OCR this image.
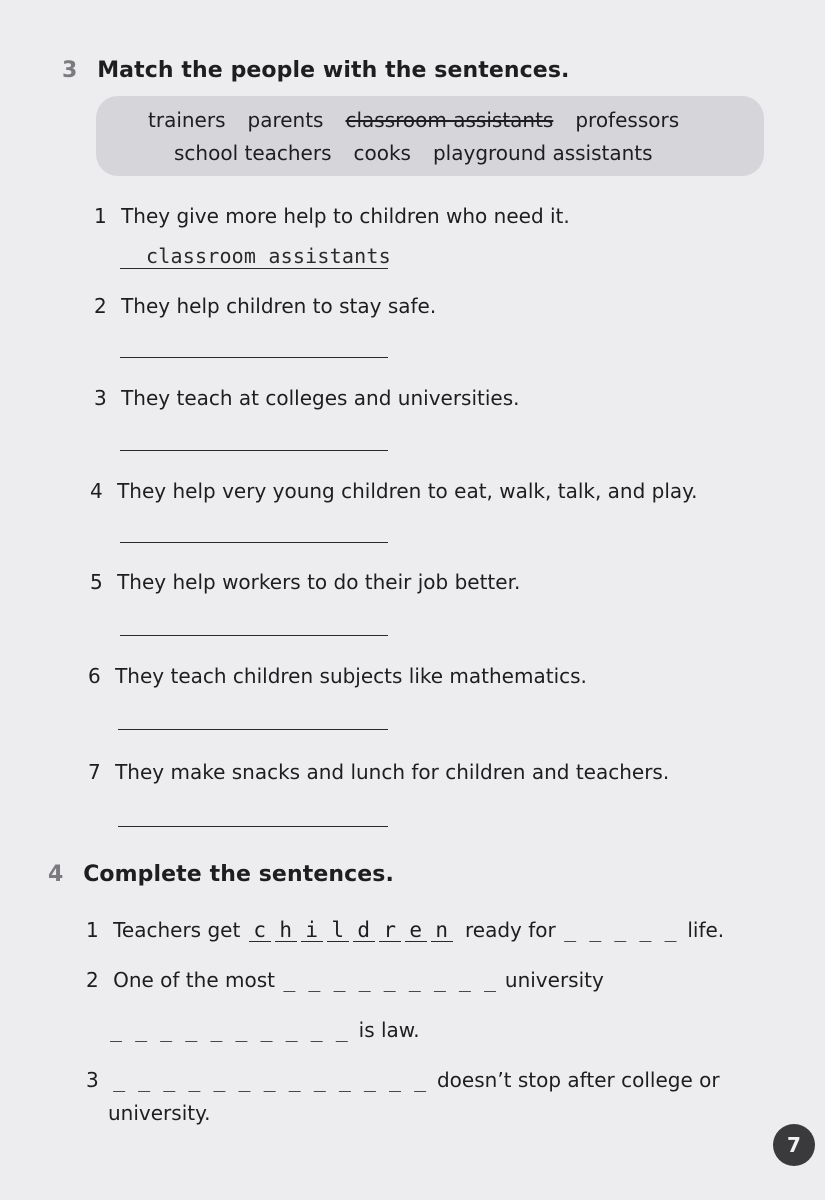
3 Match the people with the sentences.
trainers parents classroom assistants professors
school teachers cooks playground assistants
1 They give more help to children who need it.
classroom assistants
2 They help children to stay safe.
3 They teach at colleges and universities.
4 They help very young children to eat, walk, talk, and play.
5 They help workers to do their job better.
6 They teach children subjects like mathematics.
7 They make snacks and lunch for children and teachers.
4 Complete the sentences.
1 Teachers get c h i l d r e n ready for _ _ _ _ _ life.
2 One of the most _ _ _ _ _ _ _ _ _ university
_ _ _ _ _ _ _ _ _ _ is law.
3 _ _ _ _ _ _ _ _ _ _ _ _ _ doesn’t stop after college or
university.
7
